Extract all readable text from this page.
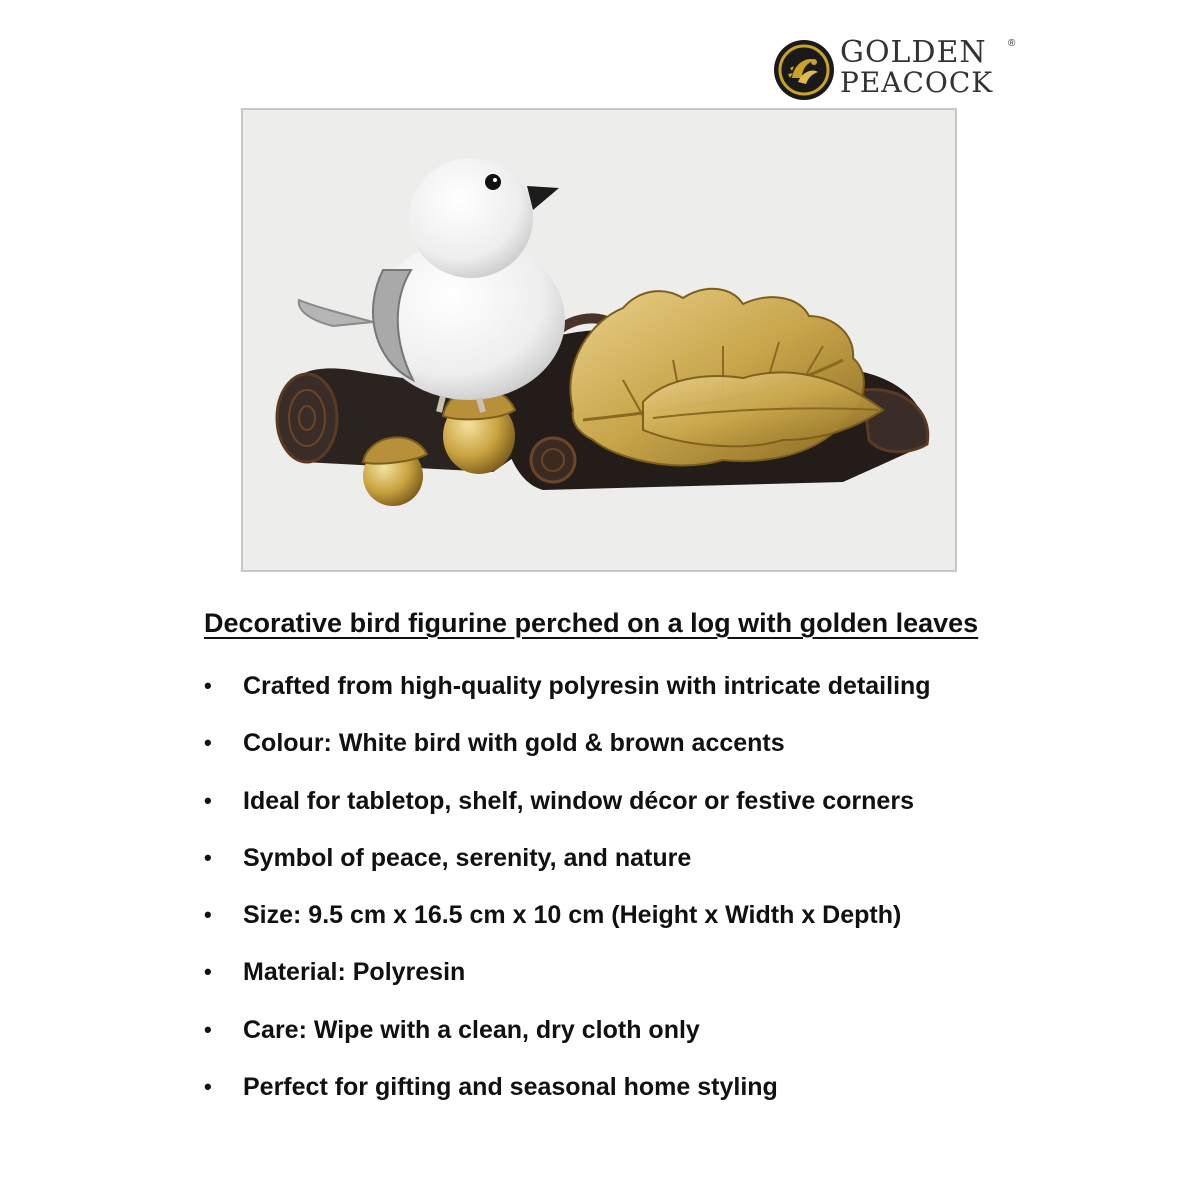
GOLDEN
PEACOCK
®
Decorative bird figurine perched on a log with golden leaves
•	Crafted from high-quality polyresin with intricate detailing
•	Colour: White bird with gold & brown accents
•	Ideal for tabletop, shelf, window décor or festive corners
•	Symbol of peace, serenity, and nature
•	Size: 9.5 cm x 16.5 cm x 10 cm (Height x Width x Depth)
•	Material: Polyresin
•	Care: Wipe with a clean, dry cloth only
•	Perfect for gifting and seasonal home styling
